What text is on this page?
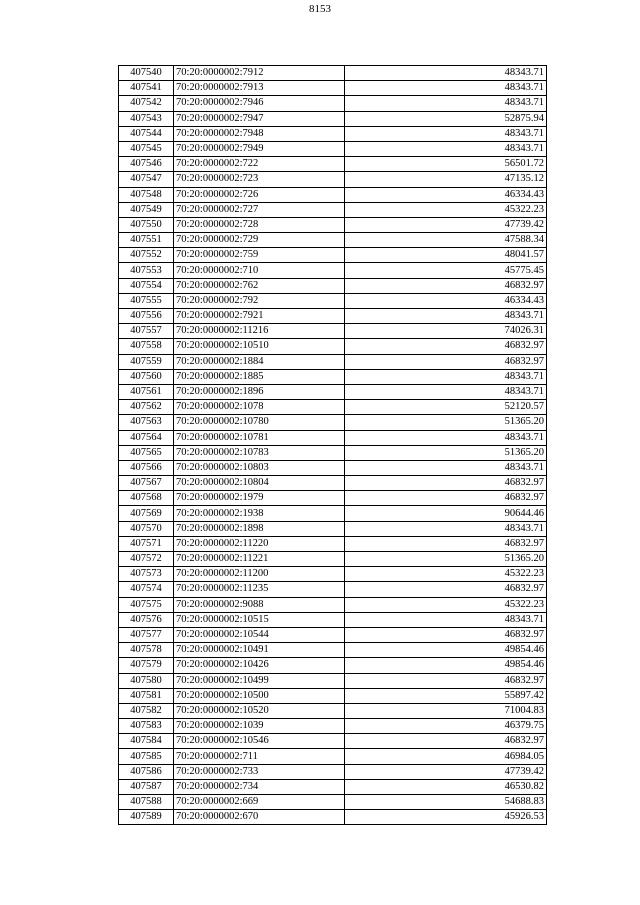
8153
407540	70:20:0000002:7912	48343.71
407541	70:20:0000002:7913	48343.71
407542	70:20:0000002:7946	48343.71
407543	70:20:0000002:7947	52875.94
407544	70:20:0000002:7948	48343.71
407545	70:20:0000002:7949	48343.71
407546	70:20:0000002:722	56501.72
407547	70:20:0000002:723	47135.12
407548	70:20:0000002:726	46334.43
407549	70:20:0000002:727	45322.23
407550	70:20:0000002:728	47739.42
407551	70:20:0000002:729	47588.34
407552	70:20:0000002:759	48041.57
407553	70:20:0000002:710	45775.45
407554	70:20:0000002:762	46832.97
407555	70:20:0000002:792	46334.43
407556	70:20:0000002:7921	48343.71
407557	70:20:0000002:11216	74026.31
407558	70:20:0000002:10510	46832.97
407559	70:20:0000002:1884	46832.97
407560	70:20:0000002:1885	48343.71
407561	70:20:0000002:1896	48343.71
407562	70:20:0000002:1078	52120.57
407563	70:20:0000002:10780	51365.20
407564	70:20:0000002:10781	48343.71
407565	70:20:0000002:10783	51365.20
407566	70:20:0000002:10803	48343.71
407567	70:20:0000002:10804	46832.97
407568	70:20:0000002:1979	46832.97
407569	70:20:0000002:1938	90644.46
407570	70:20:0000002:1898	48343.71
407571	70:20:0000002:11220	46832.97
407572	70:20:0000002:11221	51365.20
407573	70:20:0000002:11200	45322.23
407574	70:20:0000002:11235	46832.97
407575	70:20:0000002:9088	45322.23
407576	70:20:0000002:10515	48343.71
407577	70:20:0000002:10544	46832.97
407578	70:20:0000002:10491	49854.46
407579	70:20:0000002:10426	49854.46
407580	70:20:0000002:10499	46832.97
407581	70:20:0000002:10500	55897.42
407582	70:20:0000002:10520	71004.83
407583	70:20:0000002:1039	46379.75
407584	70:20:0000002:10546	46832.97
407585	70:20:0000002:711	46984.05
407586	70:20:0000002:733	47739.42
407587	70:20:0000002:734	46530.82
407588	70:20:0000002:669	54688.83
407589	70:20:0000002:670	45926.53
